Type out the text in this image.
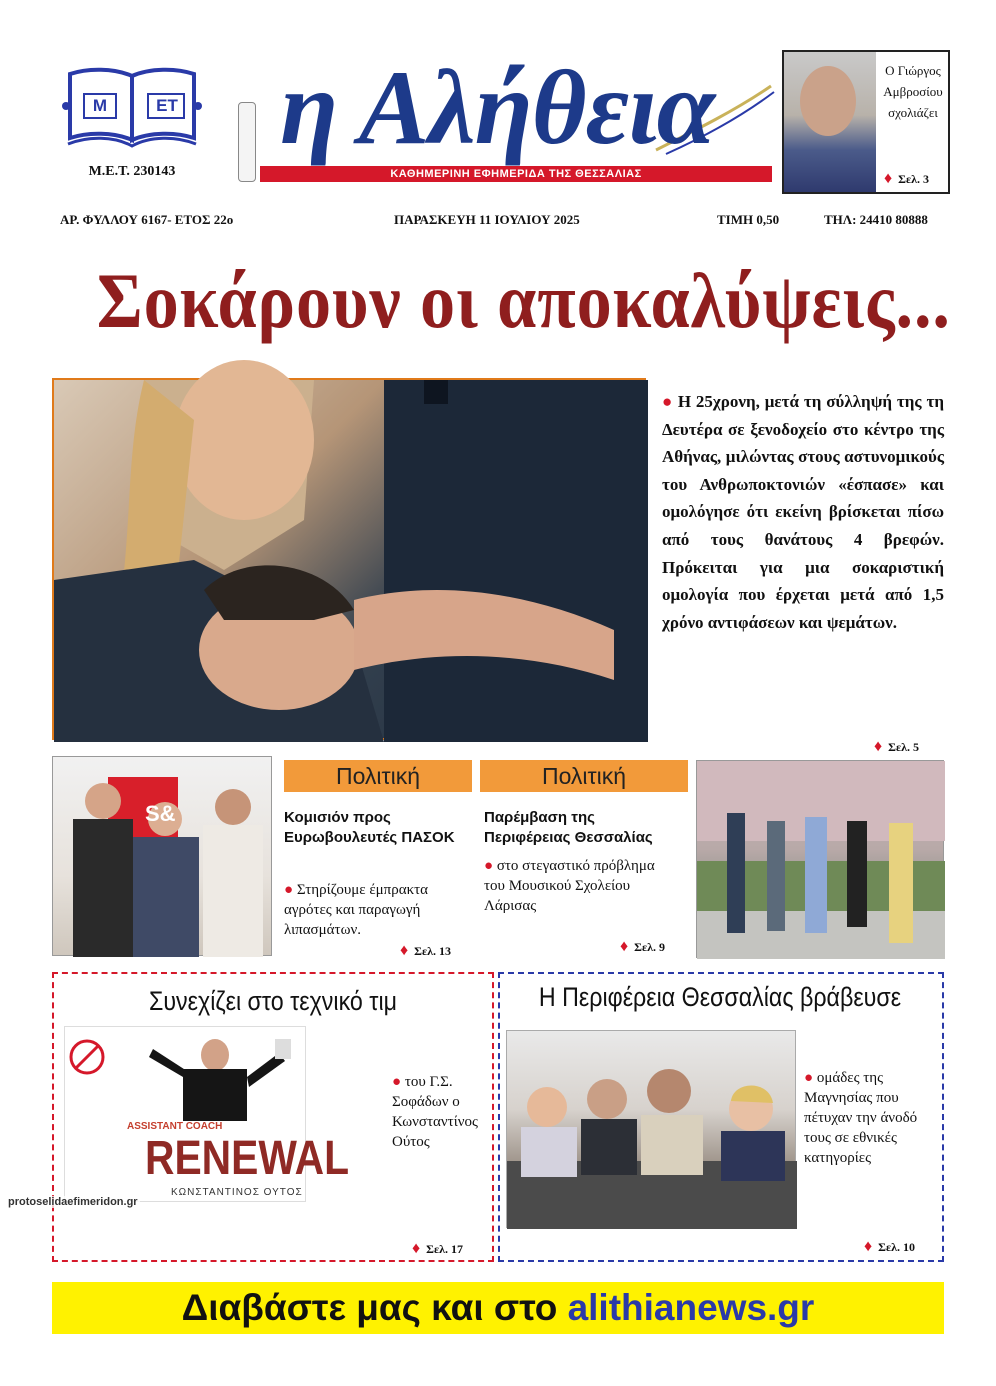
M	ET
Μ.Ε.Τ. 230143
η Αλήθεια
ΚΑΘΗΜΕΡΙΝΗ ΕΦΗΜΕΡΙΔΑ ΤΗΣ ΘΕΣΣΑΛΙΑΣ
Ο Γιώργος
Αμβροσίου
σχολιάζει
♦ Σελ. 3
ΑΡ. ΦΥΛΛΟΥ 6167- ΕΤΟΣ 22ο	ΠΑΡΑΣΚΕΥΗ 11 ΙΟΥΛΙΟΥ 2025	ΤΙΜΗ 0,50	ΤΗΛ: 24410 80888
Σοκάρουν οι αποκαλύψεις...
● Η 25χρονη, μετά τη σύλληψή της τη Δευτέρα σε ξενοδοχείο στο κέντρο της Αθήνας, μιλώντας στους αστυνομικούς του Ανθρωποκτονιών «έσπασε» και ομολόγησε ότι εκείνη βρίσκεται πίσω από τους θανάτους 4 βρεφών. Πρόκειται για μια σοκαριστική ομολογία που έρχεται μετά από 1,5 χρόνο αντιφάσεων και ψεμάτων.
♦ Σελ. 5
S&
Πολιτική
Κομισιόν προς Ευρωβουλευτές ΠΑΣΟΚ
● Στηρίζουμε έμπρακτα αγρότες και παραγωγή λιπασμάτων.
♦ Σελ. 13
Πολιτική
Παρέμβαση της Περιφέρειας Θεσσαλίας
● στο στεγαστικό πρόβλημα του Μουσικού Σχολείου Λάρισας
♦ Σελ. 9
Συνεχίζει στο τεχνικό τιμ
ASSISTANT COACH
RENEWAL
ΚΩΝΣΤΑΝΤΙΝΟΣ ΟΥΤΟΣ
● του Γ.Σ. Σοφάδων ο Κωνσταντίνος Ούτος
♦ Σελ. 17
Η Περιφέρεια Θεσσαλίας βράβευσε
● ομάδες της Μαγνησίας που πέτυχαν την άνοδό τους σε εθνικές κατηγορίες
♦ Σελ. 10
Διαβάστε μας και στο alithianews.gr
protoselidaefimeridon.gr
